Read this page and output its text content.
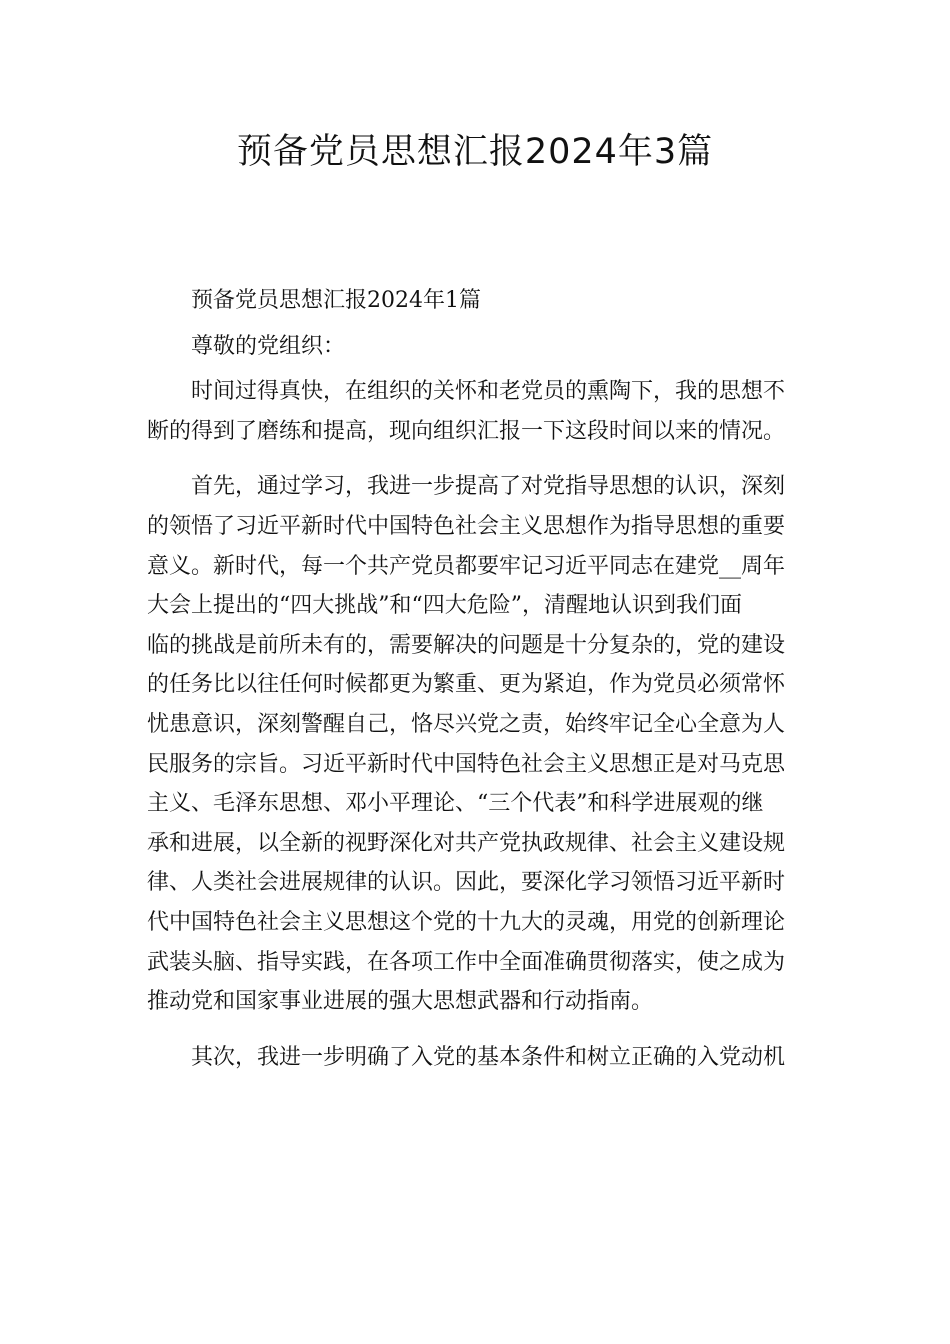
预备党员思想汇报2024年3篇
预备党员思想汇报2024年1篇
尊敬的党组织：
时间过得真快，在组织的关怀和老党员的熏陶下，我的思想不
断的得到了磨练和提高，现向组织汇报一下这段时间以来的情况。
首先，通过学习，我进一步提高了对党指导思想的认识，深刻
的领悟了习近平新时代中国特色社会主义思想作为指导思想的重要
意义。新时代，每一个共产党员都要牢记习近平同志在建党__周年
大会上提出的“四大挑战”和“四大危险”，清醒地认识到我们面
临的挑战是前所未有的，需要解决的问题是十分复杂的，党的建设
的任务比以往任何时候都更为繁重、更为紧迫，作为党员必须常怀
忧患意识，深刻警醒自己，恪尽兴党之责，始终牢记全心全意为人
民服务的宗旨。习近平新时代中国特色社会主义思想正是对马克思
主义、毛泽东思想、邓小平理论、“三个代表”和科学进展观的继
承和进展，以全新的视野深化对共产党执政规律、社会主义建设规
律、人类社会进展规律的认识。因此，要深化学习领悟习近平新时
代中国特色社会主义思想这个党的十九大的灵魂，用党的创新理论
武装头脑、指导实践，在各项工作中全面准确贯彻落实，使之成为
推动党和国家事业进展的强大思想武器和行动指南。
其次，我进一步明确了入党的基本条件和树立正确的入党动机
